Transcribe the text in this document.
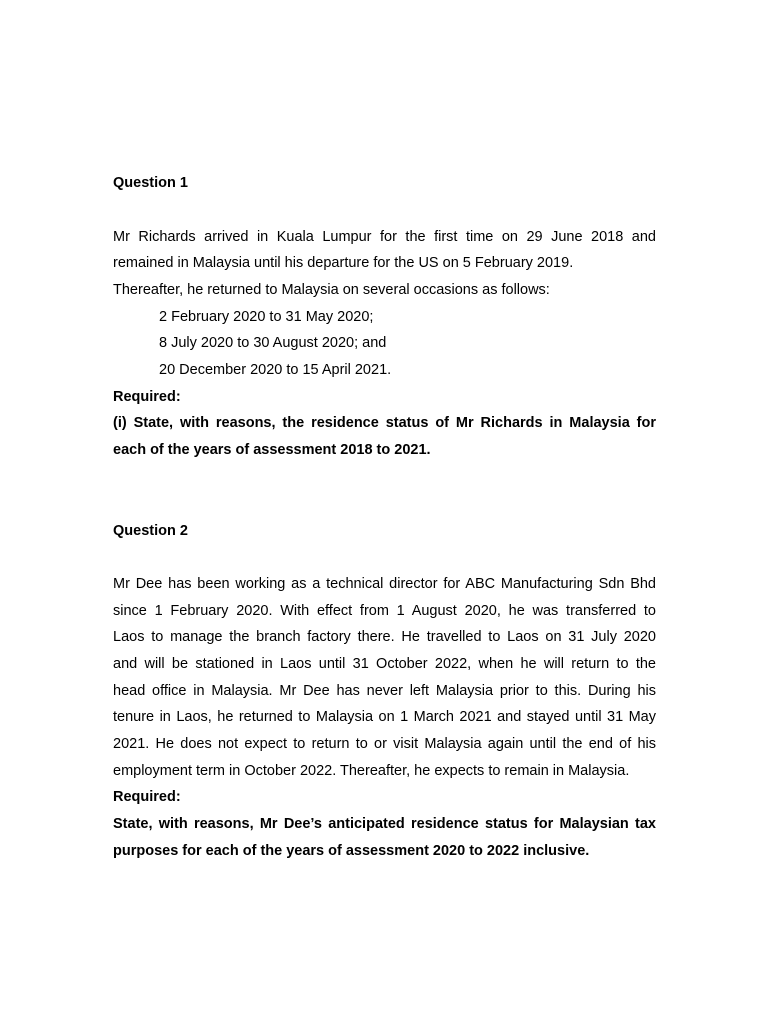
Question 1
Mr Richards arrived in Kuala Lumpur for the first time on 29 June 2018 and
remained in Malaysia until his departure for the US on 5 February 2019.
Thereafter, he returned to Malaysia on several occasions as follows:
2 February 2020 to 31 May 2020;
8 July 2020 to 30 August 2020; and
20 December 2020 to 15 April 2021.
Required:
(i) State, with reasons, the residence status of Mr Richards in Malaysia for
each of the years of assessment 2018 to 2021.
Question 2
Mr Dee has been working as a technical director for ABC Manufacturing Sdn Bhd
since 1 February 2020. With effect from 1 August 2020, he was transferred to
Laos to manage the branch factory there. He travelled to Laos on 31 July 2020
and will be stationed in Laos until 31 October 2022, when he will return to the
head office in Malaysia. Mr Dee has never left Malaysia prior to this. During his
tenure in Laos, he returned to Malaysia on 1 March 2021 and stayed until 31 May
2021. He does not expect to return to or visit Malaysia again until the end of his
employment term in October 2022. Thereafter, he expects to remain in Malaysia.
Required:
State, with reasons, Mr Dee’s anticipated residence status for Malaysian tax
purposes for each of the years of assessment 2020 to 2022 inclusive.
